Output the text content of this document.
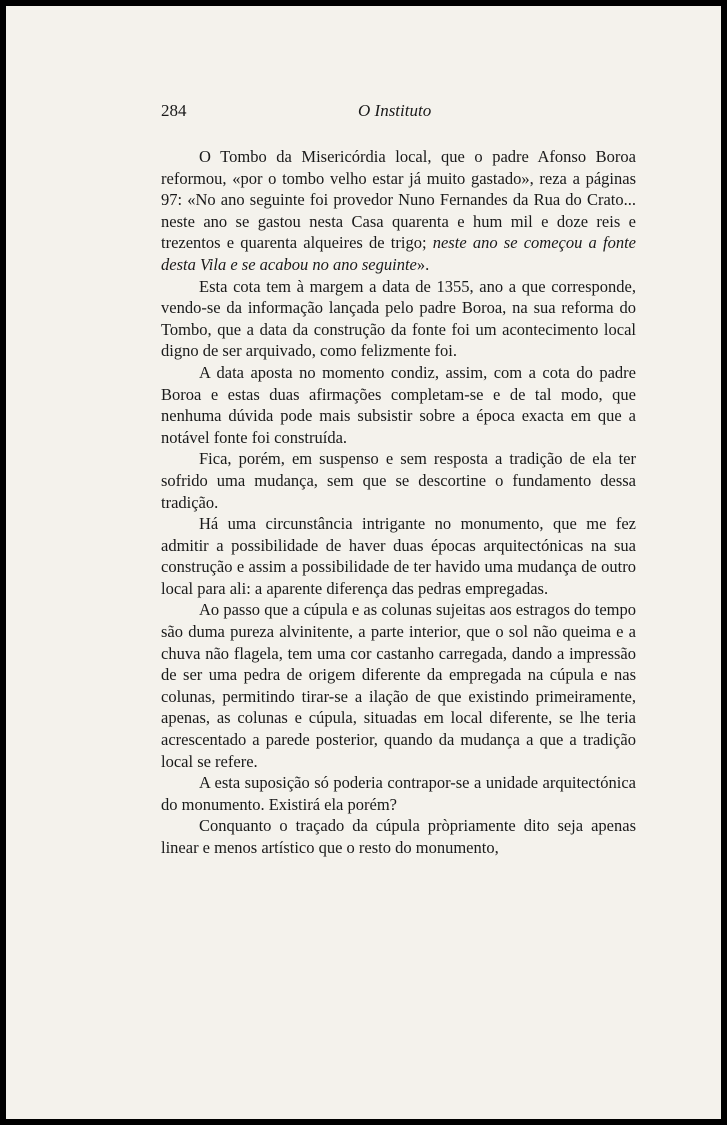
284	O Instituto

O Tombo da Misericórdia local, que o padre Afonso Boroa reformou, «por o tombo velho estar já muito gastado», reza a páginas 97: «No ano seguinte foi provedor Nuno Fernandes da Rua do Crato... neste ano se gastou nesta Casa quarenta e hum mil e doze reis e trezentos e quarenta alqueires de trigo; neste ano se começou a fonte desta Vila e se acabou no ano seguinte».

Esta cota tem à margem a data de 1355, ano a que corresponde, vendo-se da informação lançada pelo padre Boroa, na sua reforma do Tombo, que a data da construção da fonte foi um acontecimento local digno de ser arquivado, como felizmente foi.

A data aposta no momento condiz, assim, com a cota do padre Boroa e estas duas afirmações completam-se e de tal modo, que nenhuma dúvida pode mais subsistir sobre a época exacta em que a notável fonte foi construída.

Fica, porém, em suspenso e sem resposta a tradição de ela ter sofrido uma mudança, sem que se descortine o fundamento dessa tradição.

Há uma circunstância intrigante no monumento, que me fez admitir a possibilidade de haver duas épocas arquitectónicas na sua construção e assim a possibilidade de ter havido uma mudança de outro local para ali: a aparente diferença das pedras empregadas.

Ao passo que a cúpula e as colunas sujeitas aos estragos do tempo são duma pureza alvinitente, a parte interior, que o sol não queima e a chuva não flagela, tem uma cor castanho carregada, dando a impressão de ser uma pedra de origem diferente da empregada na cúpula e nas colunas, permitindo tirar-se a ilação de que existindo primeiramente, apenas, as colunas e cúpula, situadas em local diferente, se lhe teria acrescentado a parede posterior, quando da mudança a que a tradição local se refere.

A esta suposição só poderia contrapor-se a unidade arquitectónica do monumento. Existirá ela porém?

Conquanto o traçado da cúpula pròpriamente dito seja apenas linear e menos artístico que o resto do monumento,
